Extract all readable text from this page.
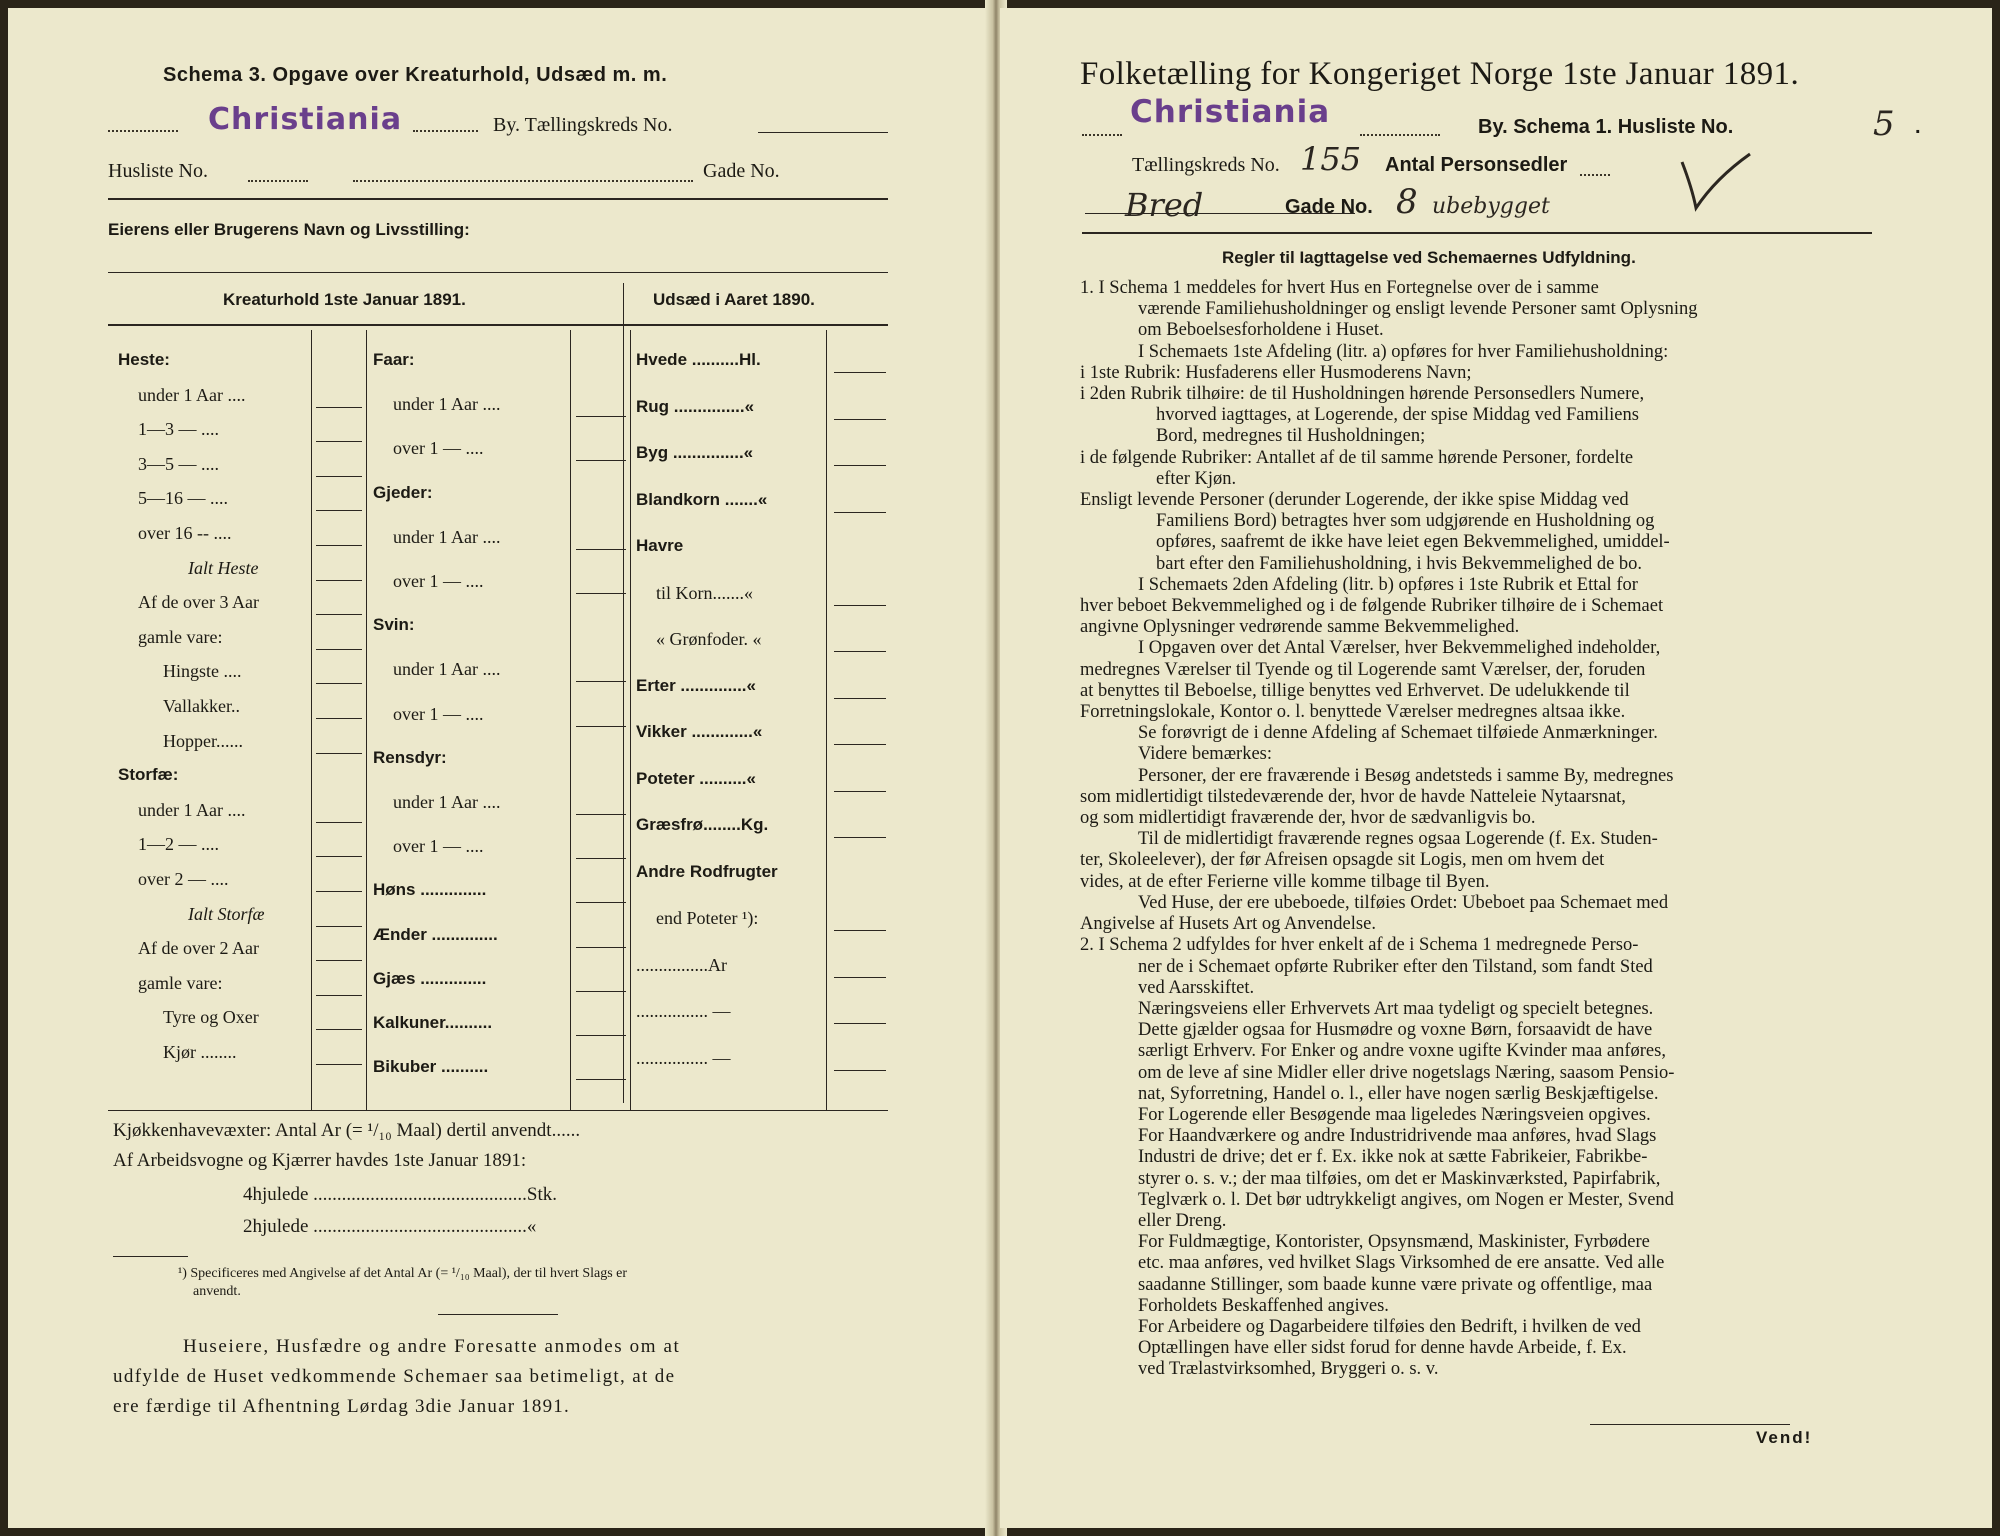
Schema 3. Opgave over Kreaturhold, Udsæd m. m.
Christiania	By. Tællingskreds No.
Husliste No.	Gade No.
Eierens eller Brugerens Navn og Livsstilling:
Kreaturhold 1ste Januar 1891.	Udsæd i Aaret 1890.
Kjøkkenhavevæxter: Antal Ar (= ¹/₁₀ Maal) dertil anvendt......
Af Arbeidsvogne og Kjærrer havdes 1ste Januar 1891:
4hjulede .............................................Stk.
2hjulede .............................................«
¹) Specificeres med Angivelse af det Antal Ar (= ¹/₁₀ Maal), der til hvert Slags er
anvendt.
Huseiere, Husfædre og andre Foresatte anmodes om at
udfylde de Huset vedkommende Schemaer saa betimeligt, at de
ere færdige til Afhentning Lørdag 3die Januar 1891.
Heste:
under 1 Aar ....
1—3 — ....
3—5 — ....
5—16 — ....
over 16 -- ....
Ialt Heste
Af de over 3 Aar
gamle vare:
Hingste ....
Vallakker..
Hopper......
Storfæ:
under 1 Aar ....
1—2 — ....
over 2 — ....
Ialt Storfæ
Af de over 2 Aar
gamle vare:
Tyre og Oxer
Kjør ........
Faar:
under 1 Aar ....
over 1 — ....
Gjeder:
under 1 Aar ....
over 1 — ....
Svin:
under 1 Aar ....
over 1 — ....
Rensdyr:
under 1 Aar ....
over 1 — ....
Høns ..............
Ænder ..............
Gjæs ..............
Kalkuner..........
Bikuber ..........
Hvede ..........Hl.
Rug ...............«
Byg ...............«
Blandkorn .......«
Havre
til Korn.......«
« Grønfoder. «
Erter ..............«
Vikker .............«
Poteter ..........«
Græsfrø........Kg.
Andre Rodfrugter
end Poteter ¹):
................Ar
................ —
................ —
Folketælling for Kongeriget Norge 1ste Januar 1891.
Christiania	By. Schema 1. Husliste No.	5 .
Tællingskreds No. 155 Antal Personsedler
Bred	Gade No. 8 ubebygget
Regler til Iagttagelse ved Schemaernes Udfyldning.

1. I Schema 1 meddeles for hvert Hus en Fortegnelse over de i samme

værende Familiehusholdninger og ensligt levende Personer samt Oplysning

om Beboelsesforholdene i Huset.

I Schemaets 1ste Afdeling (litr. a) opføres for hver Familiehusholdning:

i 1ste Rubrik: Husfaderens eller Husmoderens Navn;

i 2den Rubrik tilhøire: de til Husholdningen hørende Personsedlers Numere,

hvorved iagttages, at Logerende, der spise Middag ved Familiens

Bord, medregnes til Husholdningen;

i de følgende Rubriker: Antallet af de til samme hørende Personer, fordelte

efter Kjøn.

Ensligt levende Personer (derunder Logerende, der ikke spise Middag ved

Familiens Bord) betragtes hver som udgjørende en Husholdning og

opføres, saafremt de ikke have leiet egen Bekvemmelighed, umiddel-

bart efter den Familiehusholdning, i hvis Bekvemmelighed de bo.

I Schemaets 2den Afdeling (litr. b) opføres i 1ste Rubrik et Ettal for

hver beboet Bekvemmelighed og i de følgende Rubriker tilhøire de i Schemaet

angivne Oplysninger vedrørende samme Bekvemmelighed.

I Opgaven over det Antal Værelser, hver Bekvemmelighed indeholder,

medregnes Værelser til Tyende og til Logerende samt Værelser, der, foruden

at benyttes til Beboelse, tillige benyttes ved Erhvervet. De udelukkende til

Forretningslokale, Kontor o. l. benyttede Værelser medregnes altsaa ikke.

Se forøvrigt de i denne Afdeling af Schemaet tilføiede Anmærkninger.

Videre bemærkes:

Personer, der ere fraværende i Besøg andetsteds i samme By, medregnes

som midlertidigt tilstedeværende der, hvor de havde Natteleie Nytaarsnat,

og som midlertidigt fraværende der, hvor de sædvanligvis bo.

Til de midlertidigt fraværende regnes ogsaa Logerende (f. Ex. Studen-

ter, Skoleelever), der før Afreisen opsagde sit Logis, men om hvem det

vides, at de efter Ferierne ville komme tilbage til Byen.

Ved Huse, der ere ubeboede, tilføies Ordet: Ubeboet paa Schemaet med

Angivelse af Husets Art og Anvendelse.

2. I Schema 2 udfyldes for hver enkelt af de i Schema 1 medregnede Perso-

ner de i Schemaet opførte Rubriker efter den Tilstand, som fandt Sted

ved Aarsskiftet.

Næringsveiens eller Erhvervets Art maa tydeligt og specielt betegnes.

Dette gjælder ogsaa for Husmødre og voxne Børn, forsaavidt de have

særligt Erhverv. For Enker og andre voxne ugifte Kvinder maa anføres,

om de leve af sine Midler eller drive nogetslags Næring, saasom Pensio-

nat, Syforretning, Handel o. l., eller have nogen særlig Beskjæftigelse.

For Logerende eller Besøgende maa ligeledes Næringsveien opgives.

For Haandværkere og andre Industridrivende maa anføres, hvad Slags

Industri de drive; det er f. Ex. ikke nok at sætte Fabrikeier, Fabrikbe-

styrer o. s. v.; der maa tilføies, om det er Maskinværksted, Papirfabrik,

Teglværk o. l. Det bør udtrykkeligt angives, om Nogen er Mester, Svend

eller Dreng.

For Fuldmægtige, Kontorister, Opsynsmænd, Maskinister, Fyrbødere

etc. maa anføres, ved hvilket Slags Virksomhed de ere ansatte. Ved alle

saadanne Stillinger, som baade kunne være private og offentlige, maa

Forholdets Beskaffenhed angives.

For Arbeidere og Dagarbeidere tilføies den Bedrift, i hvilken de ved

Optællingen have eller sidst forud for denne havde Arbeide, f. Ex.

ved Trælastvirksomhed, Bryggeri o. s. v.

Vend!
